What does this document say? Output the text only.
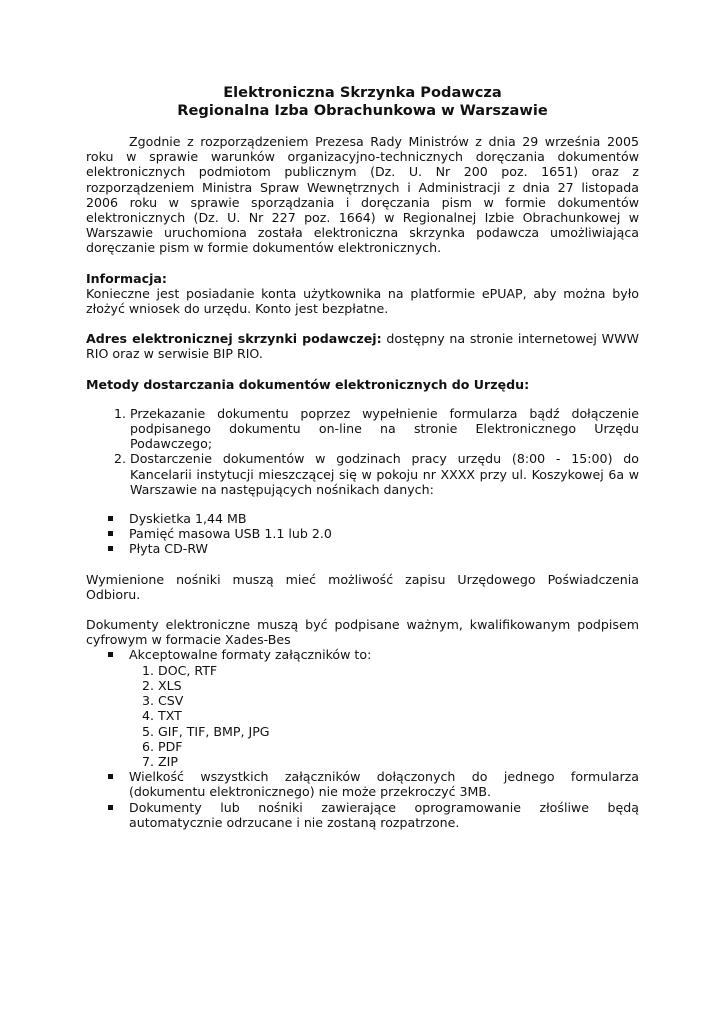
Elektroniczna Skrzynka Podawcza
Regionalna Izba Obrachunkowa w Warszawie

Zgodnie z rozporządzeniem Prezesa Rady Ministrów z dnia 29 września 2005 roku w sprawie warunków organizacyjno-technicznych doręczania dokumentów elektronicznych podmiotom publicznym (Dz. U. Nr 200 poz. 1651) oraz z rozporządzeniem Ministra Spraw Wewnętrznych i Administracji z dnia 27 listopada 2006 roku w sprawie sporządzania i doręczania pism w formie dokumentów elektronicznych (Dz. U. Nr 227 poz. 1664) w Regionalnej Izbie Obrachunkowej w Warszawie uruchomiona została elektroniczna skrzynka podawcza umożliwiająca doręczanie pism w formie dokumentów elektronicznych.

Informacja:

Konieczne jest posiadanie konta użytkownika na platformie ePUAP, aby można było złożyć wniosek do urzędu. Konto jest bezpłatne.

Adres elektronicznej skrzynki podawczej: dostępny na stronie internetowej WWW RIO oraz w serwisie BIP RIO.

Metody dostarczania dokumentów elektronicznych do Urzędu:

1. Przekazanie dokumentu poprzez wypełnienie formularza bądź dołączenie podpisanego dokumentu on-line na stronie Elektronicznego Urzędu Podawczego;
2. Dostarczenie dokumentów w godzinach pracy urzędu (8:00 - 15:00) do Kancelarii instytucji mieszczącej się w pokoju nr XXXX przy ul. Koszykowej 6a w Warszawie na następujących nośnikach danych:
Dyskietka 1,44 MB
Pamięć masowa USB 1.1 lub 2.0
Płyta CD-RW

Wymienione nośniki muszą mieć możliwość zapisu Urzędowego Poświadczenia Odbioru.

Dokumenty elektroniczne muszą być podpisane ważnym, kwalifikowanym podpisem cyfrowym w formacie Xades-Bes

Akceptowalne formaty załączników to:
1. DOC, RTF
2. XLS
3. CSV
4. TXT
5. GIF, TIF, BMP, JPG
6. PDF
7. ZIP
Wielkość wszystkich załączników dołączonych do jednego formularza (dokumentu elektronicznego) nie może przekroczyć 3MB.
Dokumenty lub nośniki zawierające oprogramowanie złośliwe będą automatycznie odrzucane i nie zostaną rozpatrzone.
